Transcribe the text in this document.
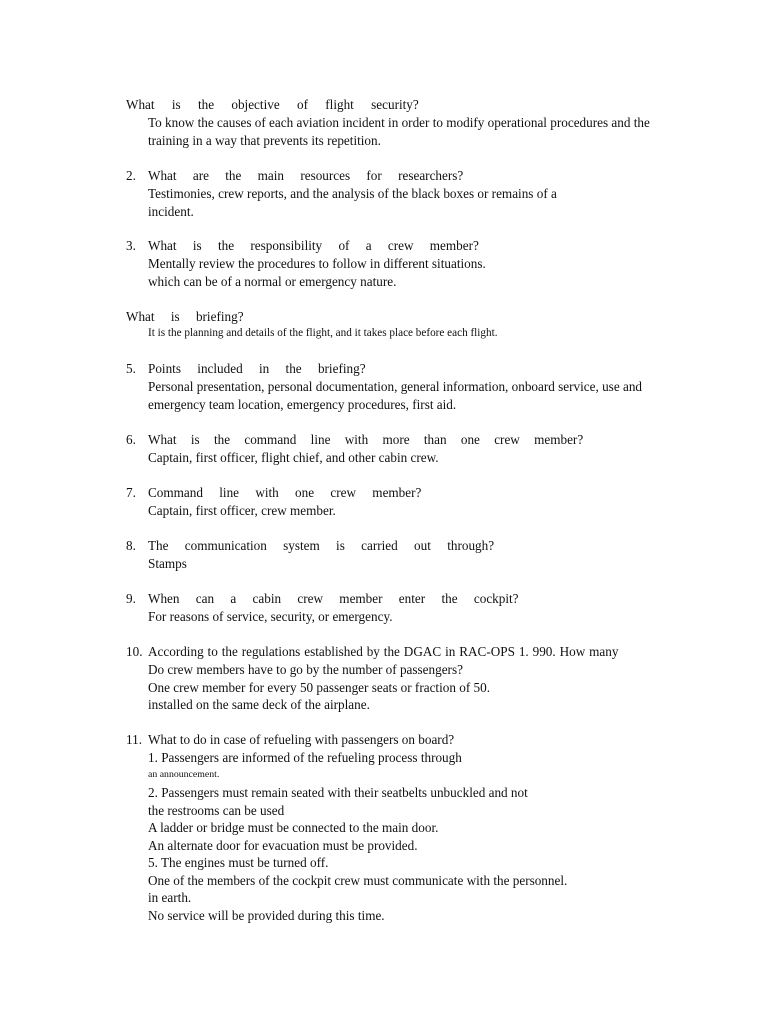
What is the objective of flight security?
To know the causes of each aviation incident in order to modify operational procedures and the
training in a way that prevents its repetition.
2. What are the main resources for researchers?
Testimonies, crew reports, and the analysis of the black boxes or remains of a
incident.
3. What is the responsibility of a crew member?
Mentally review the procedures to follow in different situations.
which can be of a normal or emergency nature.
What is briefing?
It is the planning and details of the flight, and it takes place before each flight.
5. Points included in the briefing?
Personal presentation, personal documentation, general information, onboard service, use and
emergency team location, emergency procedures, first aid.
6. What is the command line with more than one crew member?
Captain, first officer, flight chief, and other cabin crew.
7. Command line with one crew member?
Captain, first officer, crew member.
8. The communication system is carried out through?
Stamps
9. When can a cabin crew member enter the cockpit?
For reasons of service, security, or emergency.
10. According to the regulations established by the DGAC in RAC-OPS 1. 990. How many
Do crew members have to go by the number of passengers?
One crew member for every 50 passenger seats or fraction of 50.
installed on the same deck of the airplane.
11. What to do in case of refueling with passengers on board?
1. Passengers are informed of the refueling process through
an announcement.
2. Passengers must remain seated with their seatbelts unbuckled and not
the restrooms can be used
A ladder or bridge must be connected to the main door.
An alternate door for evacuation must be provided.
5. The engines must be turned off.
One of the members of the cockpit crew must communicate with the personnel.
in earth.
No service will be provided during this time.
